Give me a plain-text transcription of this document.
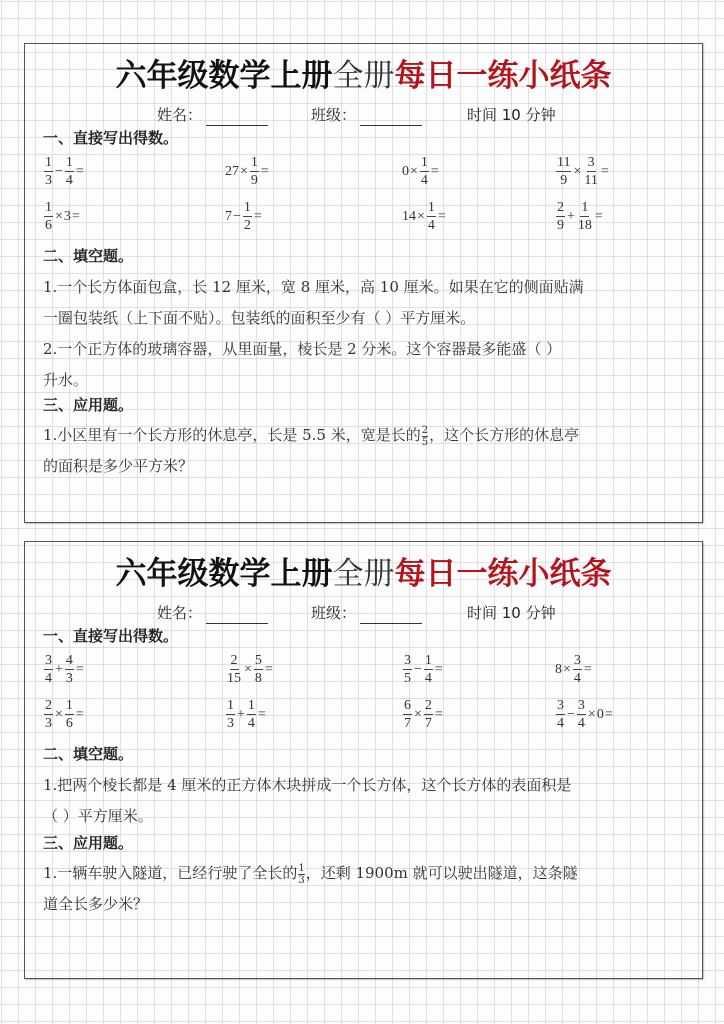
六年级数学上册全册每日一练小纸条
姓名：	班级：	时间 10 分钟
一、直接写出得数。
$\frac{1}{3} - \frac{1}{4}$ =	$27 \times \frac{1}{9}$ =	$0 \times \frac{1}{4}$ =	$\frac{11}{9} \times \frac{3}{11}$ =
$\frac{1}{6} \times 3$ =	$7 - \frac{1}{2}$ =	$14 \times \frac{1}{4}$ =	$\frac{2}{9} + \frac{1}{18}$ =
二、填空题。
1.一个长方体面包盒，长 12 厘米，宽 8 厘米，高 10 厘米。如果在它的侧面贴满
一圈包装纸（上下面不贴）。包装纸的面积至少有（ ）平方厘米。
2.一个正方体的玻璃容器，从里面量，棱长是 2 分米。这个容器最多能盛（ ）
升水。
三、应用题。
1.小区里有一个长方形的休息亭，长是 5.5 米，宽是长的 $\frac{2}{5}$ ，这个长方形的休息亭
的面积是多少平方米？
六年级数学上册全册每日一练小纸条
姓名：	班级：	时间 10 分钟
一、直接写出得数。
$\frac{3}{4} + \frac{4}{3}$ =	$\frac{2}{15} \times \frac{5}{8}$ =	$\frac{3}{5} - \frac{1}{4}$ =	$8 \times \frac{3}{4}$ =
$\frac{2}{3} \times \frac{1}{6}$ =	$\frac{1}{3} + \frac{1}{4}$ =	$\frac{6}{7} \times \frac{2}{7}$ =	$\frac{3}{4} - \frac{3}{4} \times 0$ =
二、填空题。
1.把两个棱长都是 4 厘米的正方体木块拼成一个长方体，这个长方体的表面积是
（ ）平方厘米。
三、应用题。
1.一辆车驶入隧道，已经行驶了全长的 $\frac{1}{3}$ ，还剩 1900m 就可以驶出隧道，这条隧
道全长多少米？
